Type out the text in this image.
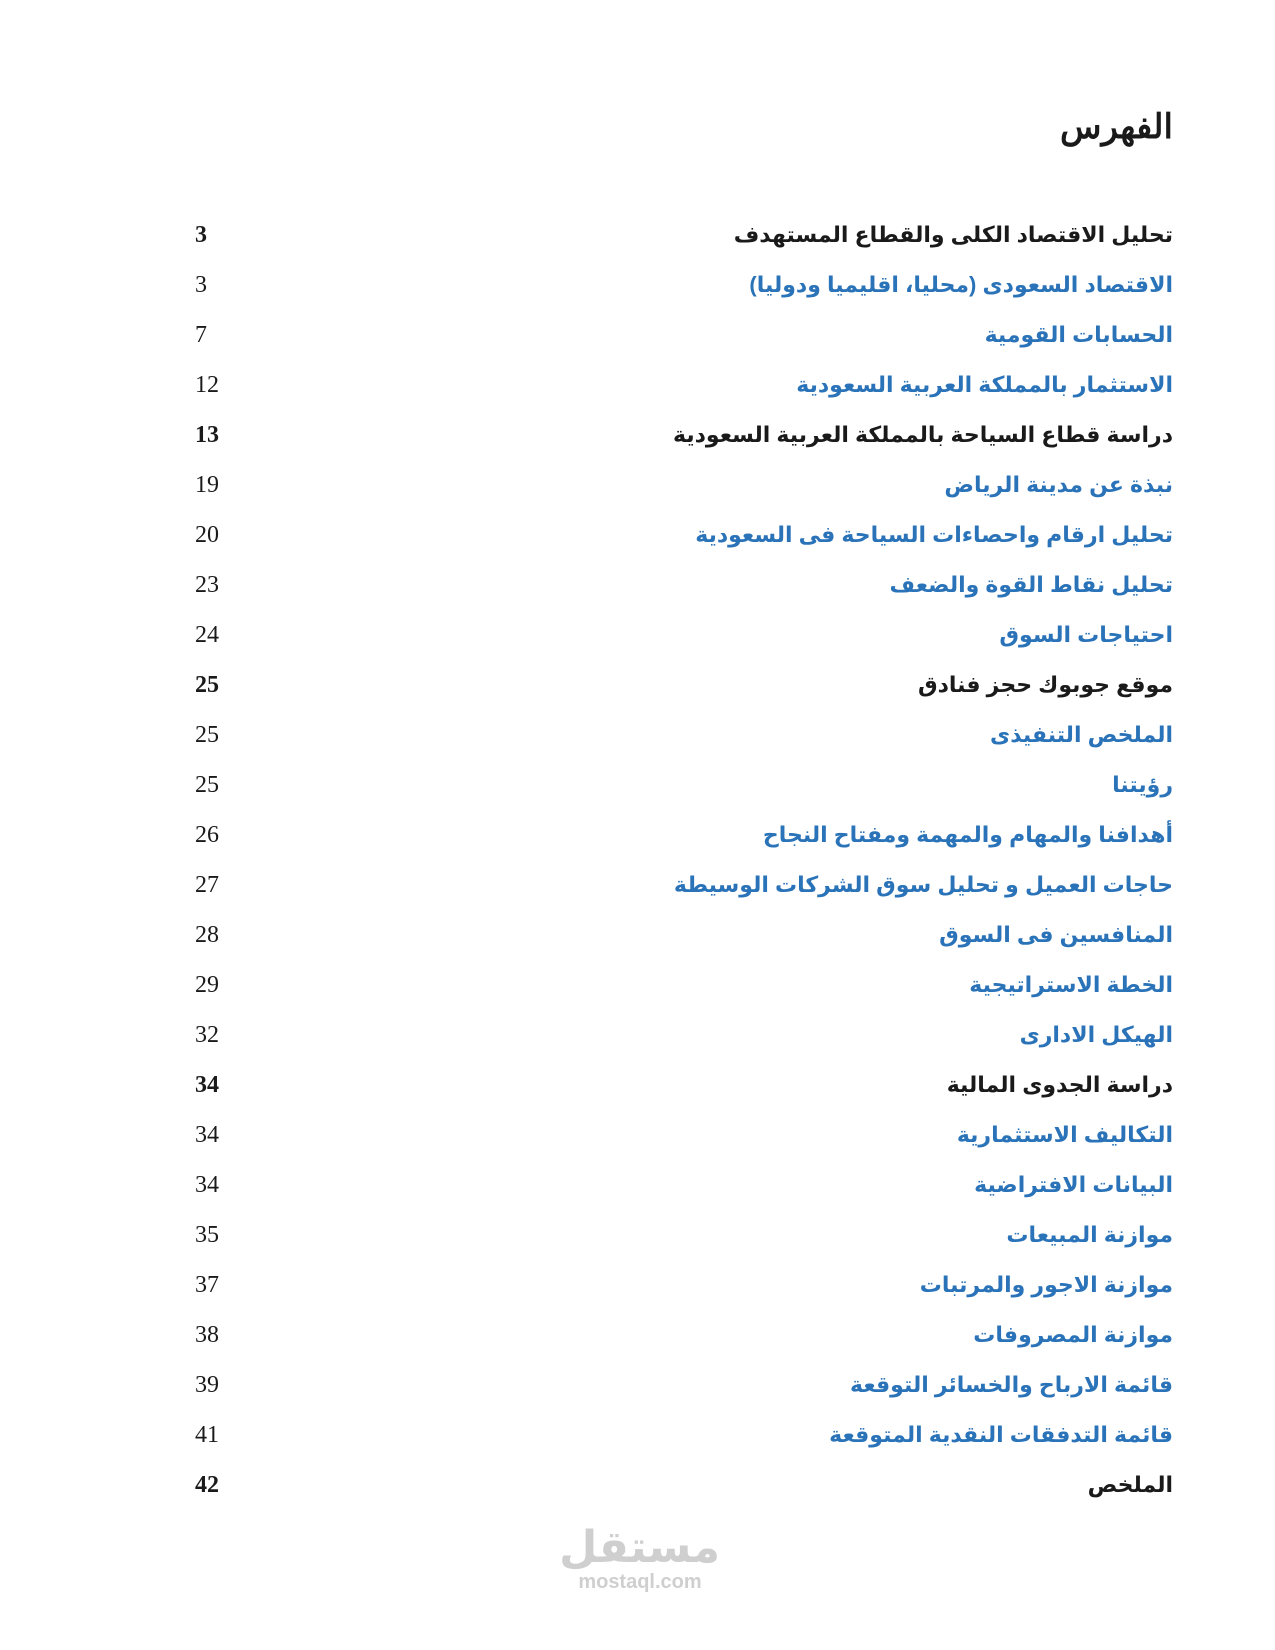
الفهرس
تحليل الاقتصاد الكلى والقطاع المستهدف
3
الاقتصاد السعودى (محليا، اقليميا ودوليا)
3
الحسابات القومية
7
الاستثمار بالمملكة العربية السعودية
12
دراسة قطاع السياحة بالمملكة العربية السعودية
13
نبذة عن مدينة الرياض
19
تحليل ارقام واحصاءات السياحة فى السعودية
20
تحليل نقاط القوة والضعف
23
احتياجات السوق
24
موقع جوبوك حجز فنادق
25
الملخص التنفيذى
25
رؤيتنا
25
أهدافنا والمهام والمهمة ومفتاح النجاح
26
حاجات العميل و تحليل سوق الشركات الوسيطة
27
المنافسين فى السوق
28
الخطة الاستراتيجية
29
الهيكل الادارى
32
دراسة الجدوى المالية
34
التكاليف الاستثمارية
34
البيانات الافتراضية
34
موازنة المبيعات
35
موازنة الاجور والمرتبات
37
موازنة المصروفات
38
قائمة الارباح والخسائر التوقعة
39
قائمة التدفقات النقدية المتوقعة
41
الملخص
42
مستقل
mostaql.com
